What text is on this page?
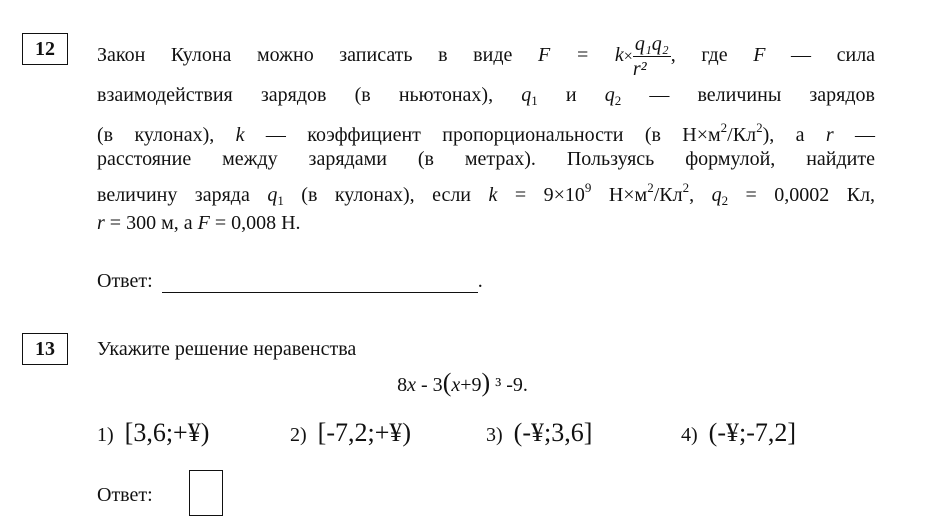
12	Закон Кулона можно записать в виде $F = k\times \frac{\text{q₁q₂}}{\text{r²}}$ , где F — сила
взаимодействия зарядов (в ньютонах), $q_1$ и $q_2$ — величины зарядов
(в кулонах), k — коэффициент пропорциональности (в $Н\times м^2/Кл^2$), а r —
расстояние между зарядами (в метрах). Пользуясь формулой, найдите
величину заряда $q_1$ (в кулонах), если $k = 9\times 10^9$ $Н\times м^2/Кл^2$, $q_2 = 0,0002$ Кл,
r = 300 м, а F = 0,008 Н.
Ответ:	.
13	Укажите решение неравенства
8x - 3(x+9) ³ -9.
1) [3,6;+¥)	2) [-7,2;+¥)	3) (-¥;3,6]	4) (-¥;-7,2]
Ответ:
